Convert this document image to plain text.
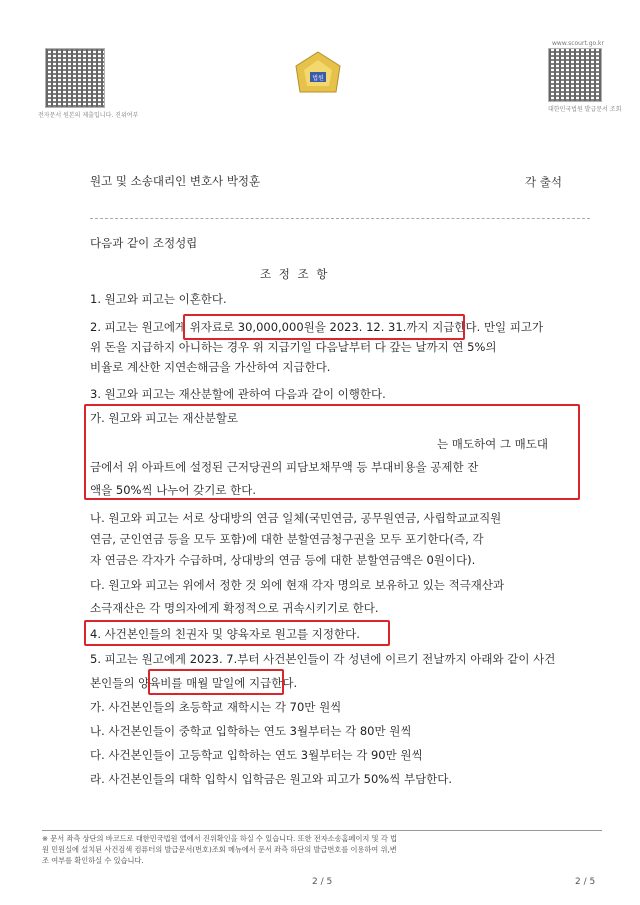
전자문서 원본의 제출입니다. 진위여부
법원
www.scourt.go.kr
대한민국법원 발급문서 조회
원고 및 소송대리인 변호사 박정훈	각 출석
다음과 같이 조정성립
조 정 조 항
1. 원고와 피고는 이혼한다.
2. 피고는 원고에게 위자료로 30,000,000원을 2023. 12. 31.까지 지급한다. 만일 피고가
위 돈을 지급하지 아니하는 경우 위 지급기일 다음날부터 다 갚는 날까지 연 5%의
비율로 계산한 지연손해금을 가산하여 지급한다.
3. 원고와 피고는 재산분할에 관하여 다음과 같이 이행한다.
가. 원고와 피고는 재산분할로
는 매도하여 그 매도대
금에서 위 아파트에 설정된 근저당권의 피담보채무액 등 부대비용을 공제한 잔
액을 50%씩 나누어 갖기로 한다.
나. 원고와 피고는 서로 상대방의 연금 일체(국민연금, 공무원연금, 사립학교교직원
연금, 군인연금 등을 모두 포함)에 대한 분할연금청구권을 모두 포기한다(즉, 각
자 연금은 각자가 수급하며, 상대방의 연금 등에 대한 분할연금액은 0원이다).
다. 원고와 피고는 위에서 정한 것 외에 현재 각자 명의로 보유하고 있는 적극재산과
소극재산은 각 명의자에게 확정적으로 귀속시키기로 한다.
4. 사건본인들의 친권자 및 양육자로 원고를 지정한다.
5. 피고는 원고에게 2023. 7.부터 사건본인들이 각 성년에 이르기 전날까지 아래와 같이 사건
본인들의 양육비를 매월 말일에 지급한다.
가. 사건본인들의 초등학교 재학시는 각 70만 원씩
나. 사건본인들이 중학교 입학하는 연도 3월부터는 각 80만 원씩
다. 사건본인들이 고등학교 입학하는 연도 3월부터는 각 90만 원씩
라. 사건본인들의 대학 입학시 입학금은 원고와 피고가 50%씩 부담한다.
※ 문서 좌측 상단의 바코드로 대한민국법원 앱에서 진위확인을 하실 수 있습니다. 또한 전자소송홈페이지 및 각 법
원 민원실에 설치된 사건검색 컴퓨터의 발급문서(번호)조회 메뉴에서 문서 좌측 하단의 발급번호를 이용하여 위,변
조 여부를 확인하실 수 있습니다.
2 / 5	2 / 5
